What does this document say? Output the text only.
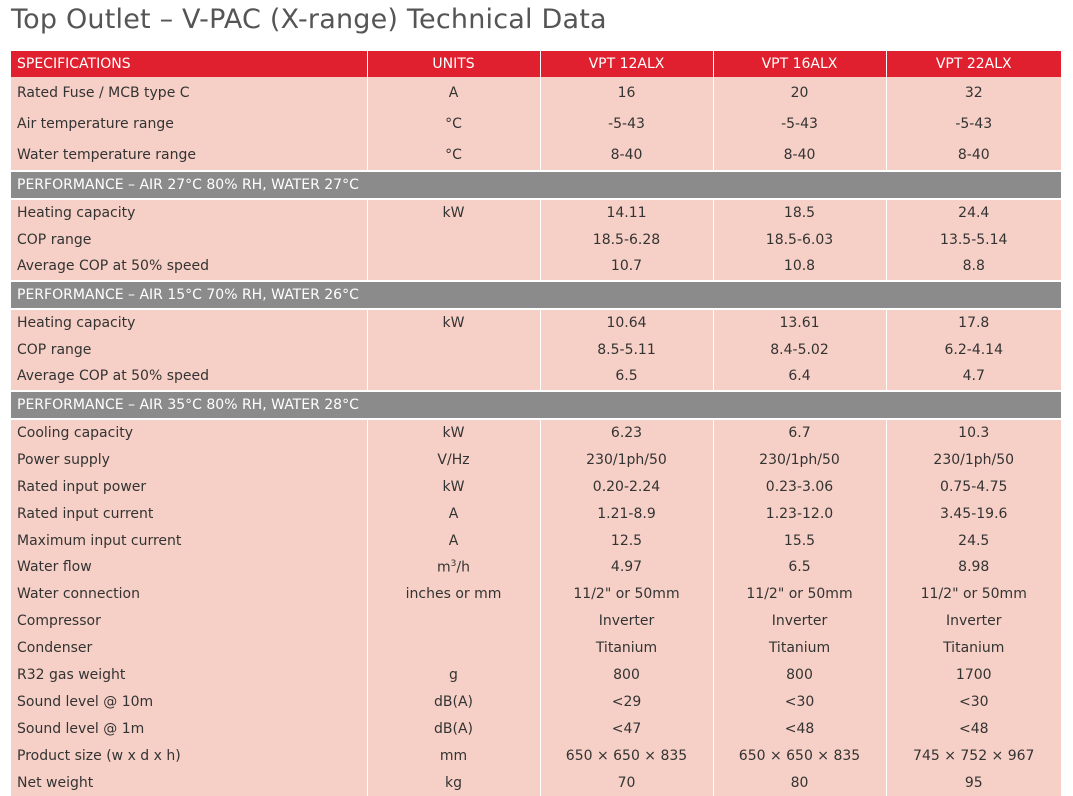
Top Outlet – V-PAC (X-range) Technical Data
SPECIFICATIONS	UNITS	VPT 12ALX	VPT 16ALX	VPT 22ALX
Rated Fuse / MCB type C	A	16	20	32
Air temperature range	°C	-5-43	-5-43	-5-43
Water temperature range	°C	8-40	8-40	8-40
PERFORMANCE – AIR 27°C 80% RH, WATER 27°C				
Heating capacity	kW	14.11	18.5	24.4
COP range		18.5-6.28	18.5-6.03	13.5-5.14
Average COP at 50% speed		10.7	10.8	8.8
PERFORMANCE – AIR 15°C 70% RH, WATER 26°C				
Heating capacity	kW	10.64	13.61	17.8
COP range		8.5-5.11	8.4-5.02	6.2-4.14
Average COP at 50% speed		6.5	6.4	4.7
PERFORMANCE – AIR 35°C 80% RH, WATER 28°C				
Cooling capacity	kW	6.23	6.7	10.3
Power supply	V/Hz	230/1ph/50	230/1ph/50	230/1ph/50
Rated input power	kW	0.20-2.24	0.23-3.06	0.75-4.75
Rated input current	A	1.21-8.9	1.23-12.0	3.45-19.6
Maximum input current	A	12.5	15.5	24.5
Water flow	$m^3/h$	4.97	6.5	8.98
Water connection	inches or mm	11/2" or 50mm	11/2" or 50mm	11/2" or 50mm
Compressor		Inverter	Inverter	Inverter
Condenser		Titanium	Titanium	Titanium
R32 gas weight	g	800	800	1700
Sound level @ 10m	dB(A)	<29	<30	<30
Sound level @ 1m	dB(A)	<47	<48	<48
Product size (w x d x h)	mm	650 × 650 × 835	650 × 650 × 835	745 × 752 × 967
Net weight	kg	70	80	95
